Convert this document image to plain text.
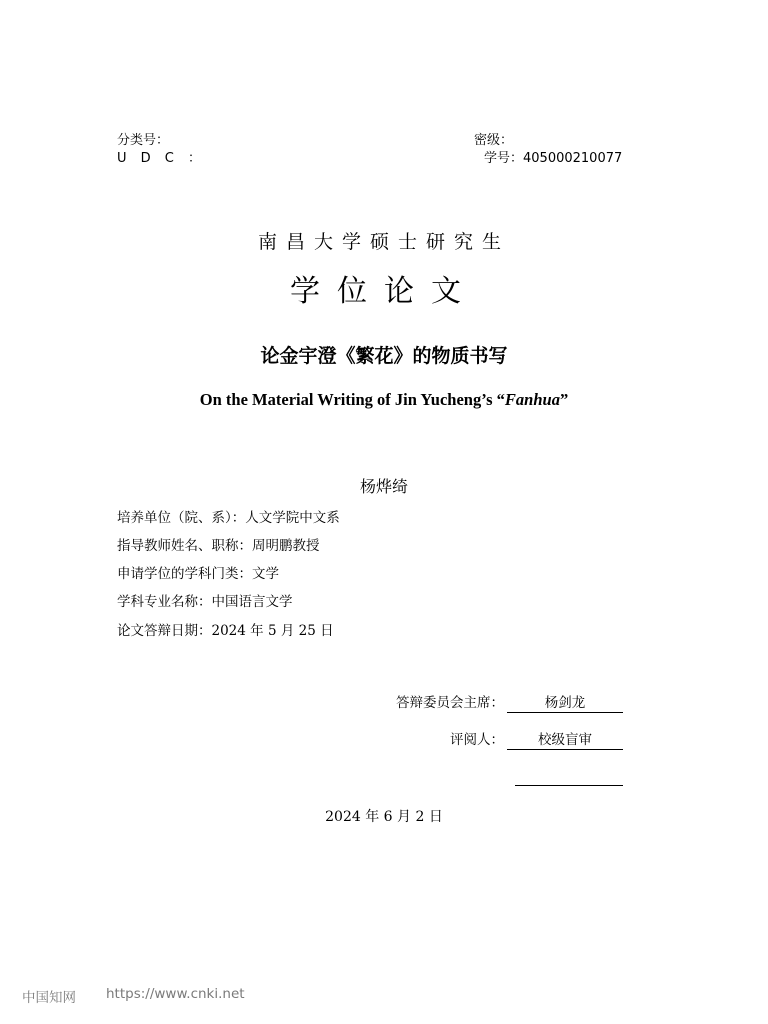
分类号：
U D C ：
密级：
学号：405000210077
南昌大学硕士研究生
学位论文
论金宇澄《繁花》的物质书写
On the Material Writing of Jin Yucheng’s “Fanhua”
杨烨绮
培养单位（院、系）：人文学院中文系
指导教师姓名、职称：周明鹏教授
申请学位的学科门类：文学
学科专业名称：中国语言文学
论文答辩日期：2024 年 5 月 25 日
答辩委员会主席：	杨剑龙
评阅人：	校级盲审
2024 年 6 月 2 日
中国知网 https://www.cnki.net
